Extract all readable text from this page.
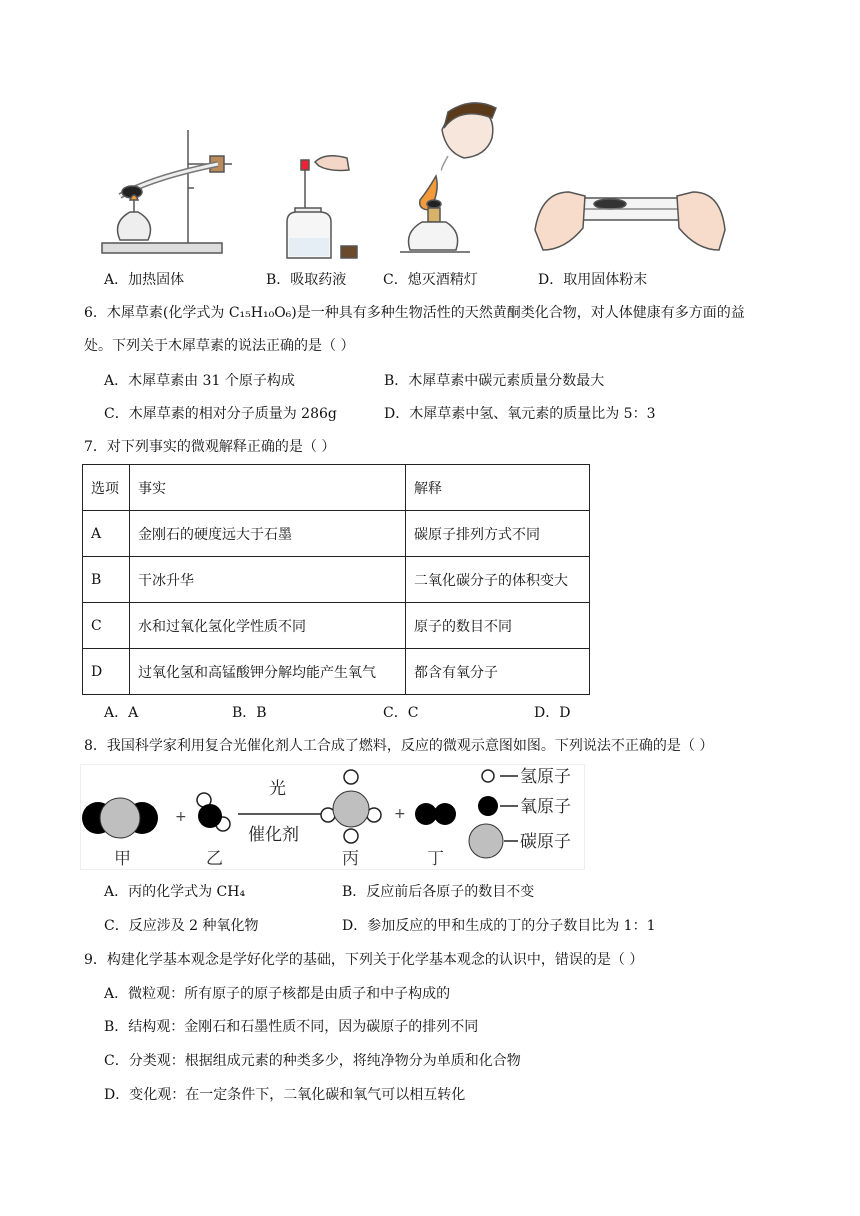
A．加热固体	B．吸取药液	C．熄灭酒精灯	D．取用固体粉末
6．木犀草素(化学式为 C₁₅H₁₀O₆)是一种具有多种生物活性的天然黄酮类化合物，对人体健康有多方面的益
处。下列关于木犀草素的说法正确的是（ ）
A．木犀草素由 31 个原子构成	B．木犀草素中碳元素质量分数最大
C．木犀草素的相对分子质量为 286g	D．木犀草素中氢、氧元素的质量比为 5：3
7．对下列事实的微观解释正确的是（ ）
选项	事实	解释
A	金刚石的硬度远大于石墨	碳原子排列方式不同
B	干冰升华	二氧化碳分子的体积变大
C	水和过氧化氢化学性质不同	原子的数目不同
D	过氧化氢和高锰酸钾分解均能产生氧气	都含有氧分子
A．A	B．B	C．C	D．D
8．我国科学家利用复合光催化剂人工合成了燃料，反应的微观示意图如图。下列说法不正确的是（ ）
+
光
催化剂
+
甲	乙	丙	丁
氢原子
氧原子
碳原子
A．丙的化学式为 CH₄	B．反应前后各原子的数目不变
C．反应涉及 2 种氧化物	D．参加反应的甲和生成的丁的分子数目比为 1：1
9．构建化学基本观念是学好化学的基础，下列关于化学基本观念的认识中，错误的是（ ）
A．微粒观：所有原子的原子核都是由质子和中子构成的
B．结构观：金刚石和石墨性质不同，因为碳原子的排列不同
C．分类观：根据组成元素的种类多少，将纯净物分为单质和化合物
D．变化观：在一定条件下，二氧化碳和氧气可以相互转化
